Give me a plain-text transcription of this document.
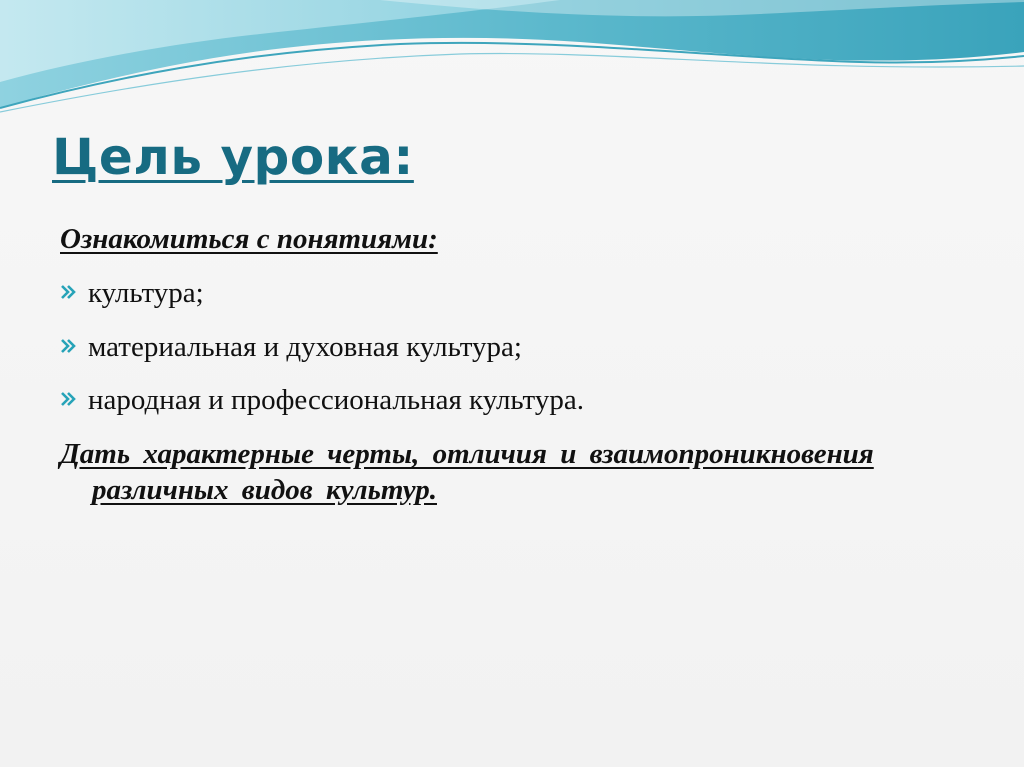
Цель урока:

Ознакомиться с понятиями:

культура;
материальная и духовная культура;
народная и профессиональная культура.

Дать характерные черты, отличия и взаимопроникновения различных видов культур.
